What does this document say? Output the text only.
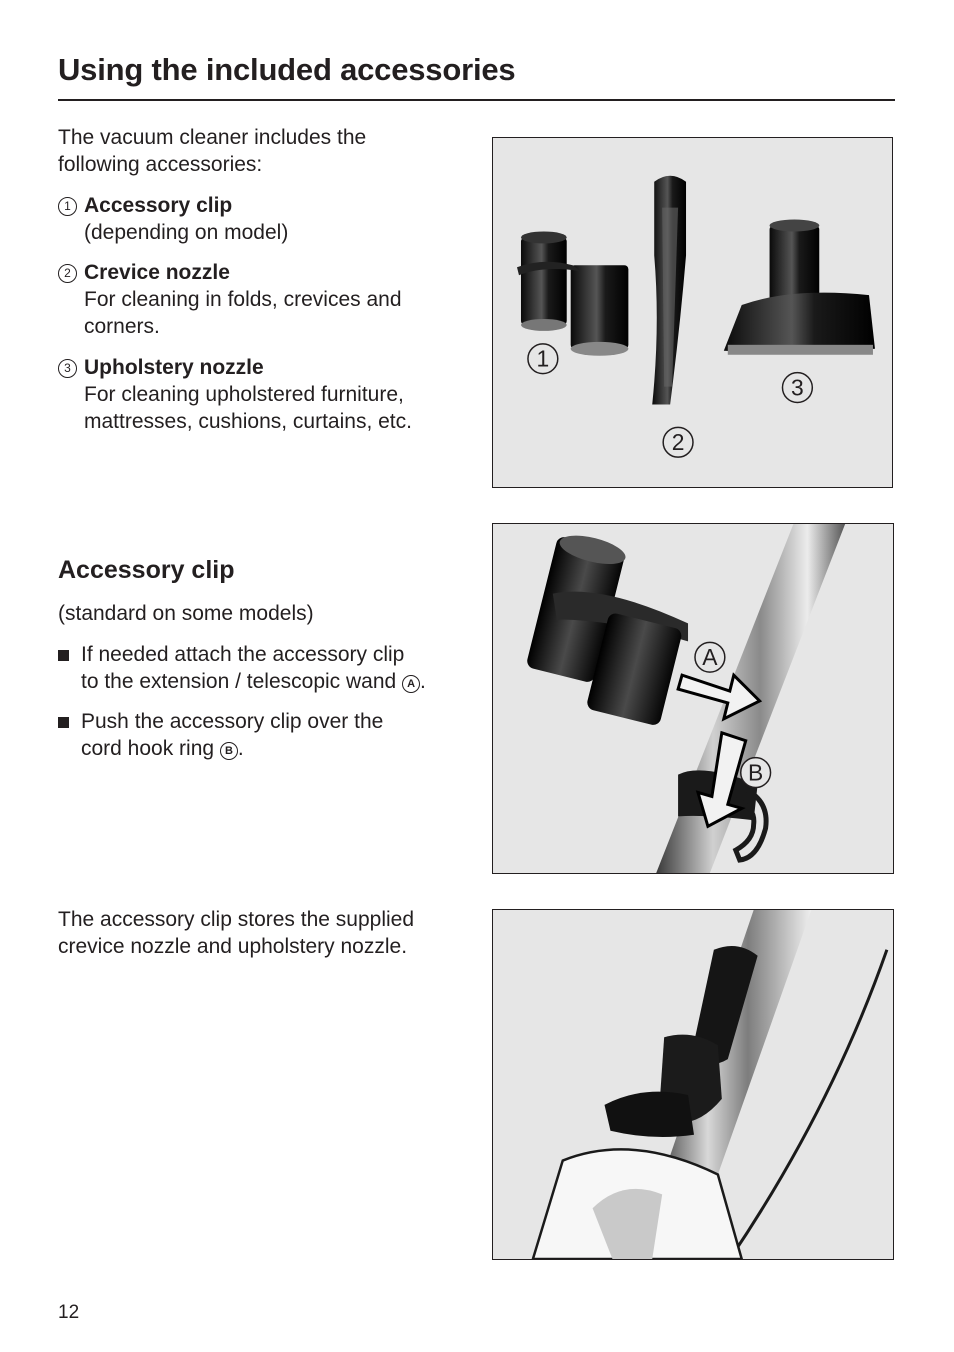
Using the included accessories

The vacuum cleaner includes the

following accessories:

1 Accessory clip
(depending on model)
2 Crevice nozzle
For cleaning in folds, crevices and
corners.
3 Upholstery nozzle
For cleaning upholstered furniture,
mattresses, cushions, curtains, etc.
Accessory clip

(standard on some models)

If needed attach the accessory clip
to the extension / telescopic wand A .
Push the accessory clip over the
cord hook ring B .

The accessory clip stores the supplied

crevice nozzle and upholstery nozzle.

1
2
3
A
B
12
